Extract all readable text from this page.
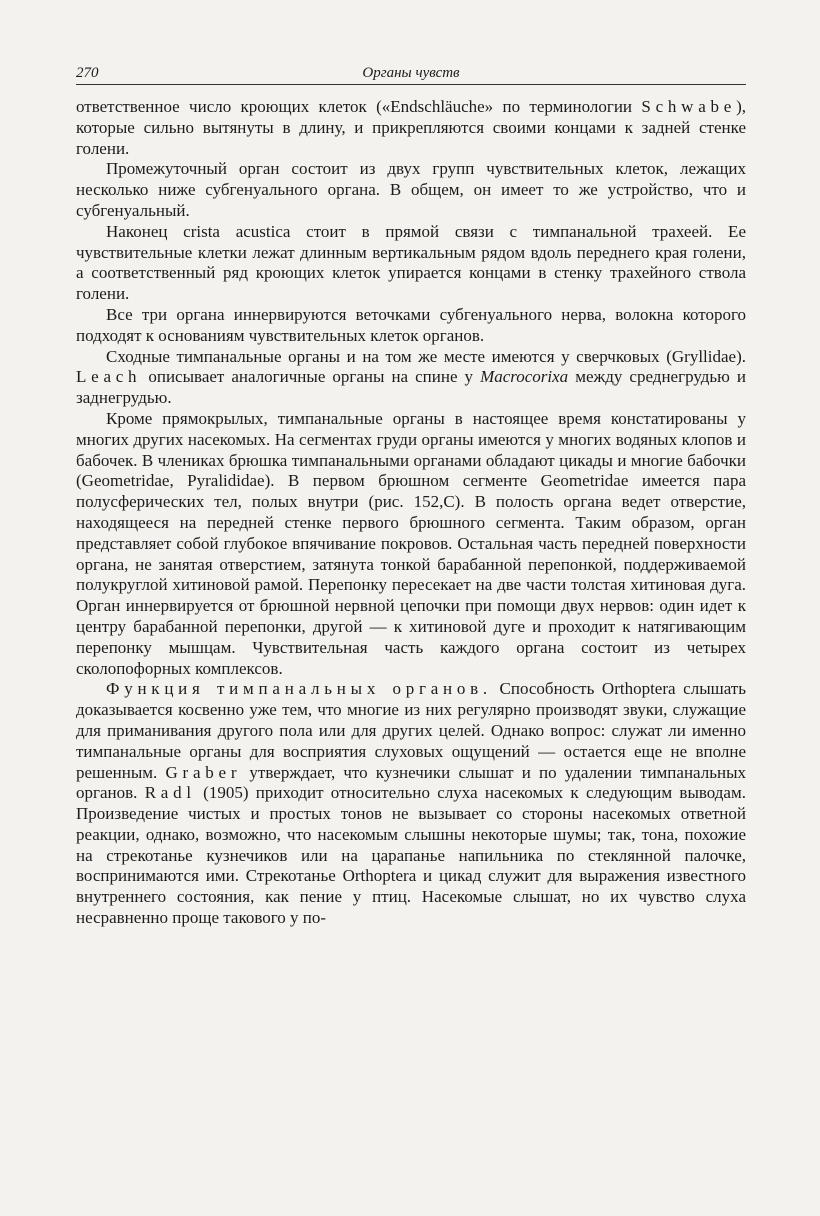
270	Органы чувств

ответственное число кроющих клеток («Endschläuche» по терминологии Schwabe), которые сильно вытянуты в длину, и прикрепляются своими концами к задней стенке голени.

Промежуточный орган состоит из двух групп чувствительных клеток, лежащих несколько ниже субгенуального органа. В общем, он имеет то же устройство, что и субгенуальный.

Наконец crista acustica стоит в прямой связи с тимпанальной трахеей. Ее чувствительные клетки лежат длинным вертикальным рядом вдоль переднего края голени, а соответственный ряд кроющих клеток упирается концами в стенку трахейного ствола голени.

Все три органа иннервируются веточками субгенуального нерва, волокна которого подходят к основаниям чувствительных клеток органов.

Сходные тимпанальные органы и на том же месте имеются у сверчковых (Gryllidae). Leach описывает аналогичные органы на спине у Macrocorixa между среднегрудью и заднегрудью.

Кроме прямокрылых, тимпанальные органы в настоящее время констатированы у многих других насекомых. На сегментах груди органы имеются у многих водяных клопов и бабочек. В члениках брюшка тимпанальными органами обладают цикады и многие бабочки (Geometridae, Pyralididae). В первом брюшном сегменте Geometridae имеется пара полусферических тел, полых внутри (рис. 152,C). В полость органа ведет отверстие, находящееся на передней стенке первого брюшного сегмента. Таким образом, орган представляет собой глубокое впячивание покровов. Остальная часть передней поверхности органа, не занятая отверстием, затянута тонкой барабанной перепонкой, поддерживаемой полукруглой хитиновой рамой. Перепонку пересекает на две части толстая хитиновая дуга. Орган иннервируется от брюшной нервной цепочки при помощи двух нервов: один идет к центру барабанной перепонки, другой — к хитиновой дуге и проходит к натягивающим перепонку мышцам. Чувствительная часть каждого органа состоит из четырех сколопофорных комплексов.

Функция тимпанальных органов. Способность Orthoptera слышать доказывается косвенно уже тем, что многие из них регулярно производят звуки, служащие для приманивания другого пола или для других целей. Однако вопрос: служат ли именно тимпанальные органы для восприятия слуховых ощущений — остается еще не вполне решенным. Graber утверждает, что кузнечики слышат и по удалении тимпанальных органов. Radl (1905) приходит относительно слуха насекомых к следующим выводам. Произведение чистых и простых тонов не вызывает со стороны насекомых ответной реакции, однако, возможно, что насекомым слышны некоторые шумы; так, тона, похожие на стрекотанье кузнечиков или на царапанье напильника по стеклянной палочке, воспринимаются ими. Стрекотанье Orthoptera и цикад служит для выражения известного внутреннего состояния, как пение у птиц. Насекомые слышат, но их чувство слуха несравненно проще такового у по-
